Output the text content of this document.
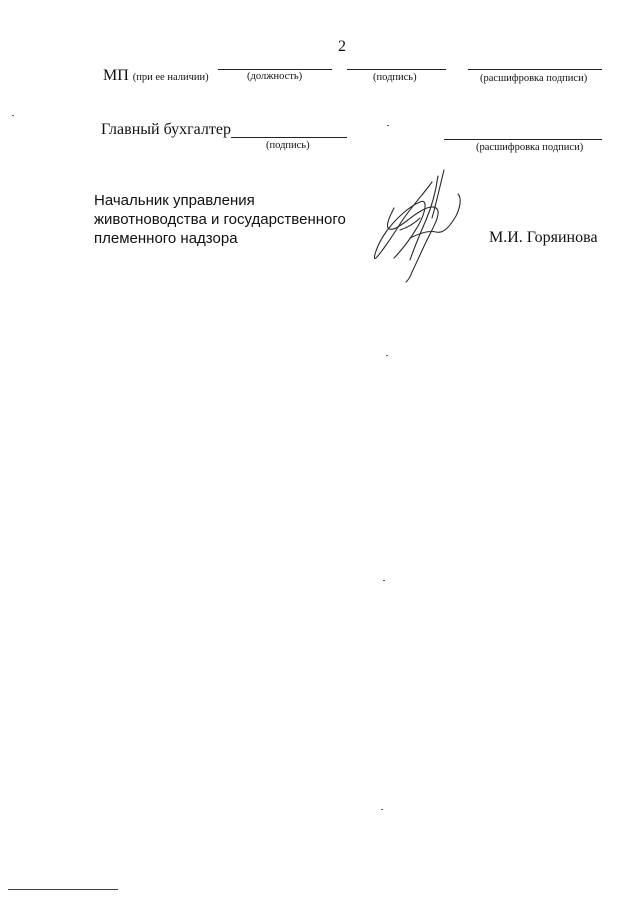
2
МП (при ее наличии)	(должность)	(подпись)	(расшифровка подписи)
Главный бухгалтер
(подпись)	(расшифровка подписи)
Начальник управления
животноводства и государственного
племенного надзора	М.И. Горяинова
